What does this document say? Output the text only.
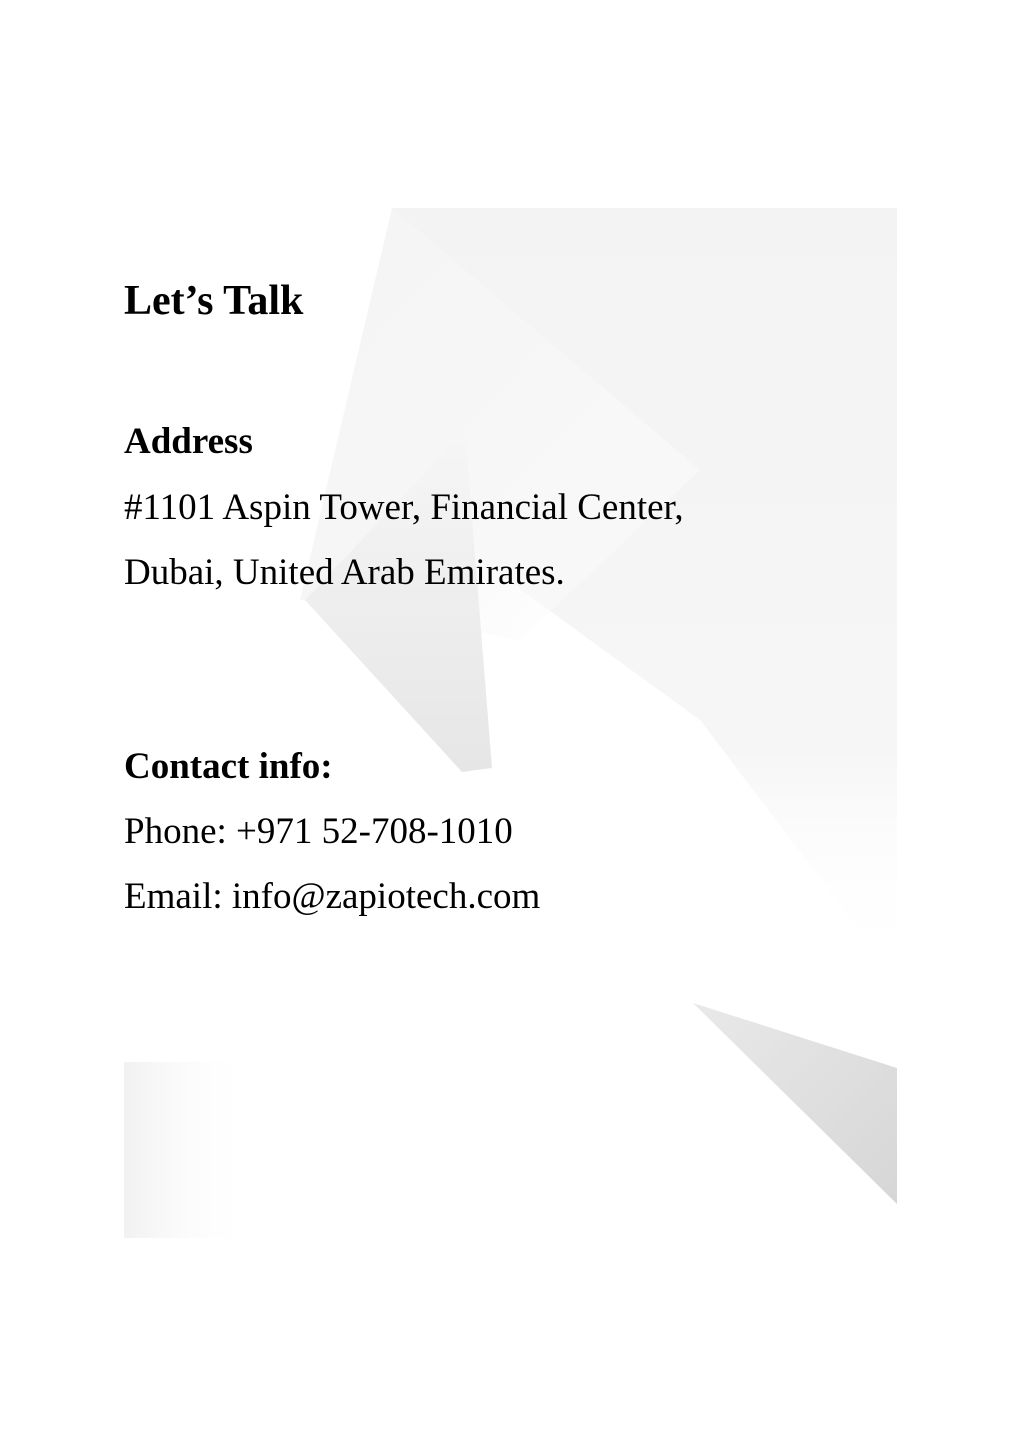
Let’s Talk
Address

#1101 Aspin Tower, Financial Center,

Dubai, United Arab Emirates.

Contact info:

Phone: +971 52-708-1010

Email: info@zapiotech.com
